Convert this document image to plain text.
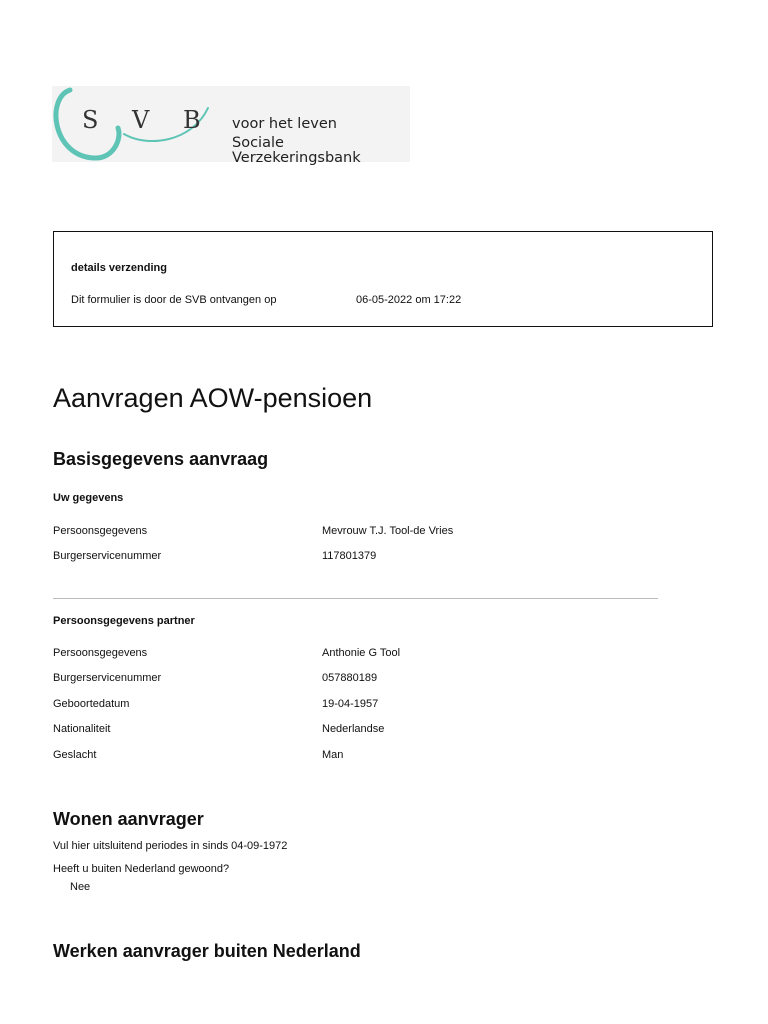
S V B voor het leven
Sociale Verzekeringsbank
details verzending
Dit formulier is door de SVB ontvangen op	06-05-2022 om 17:22
Aanvragen AOW-pensioen
Basisgegevens aanvraag
Uw gegevens
Persoonsgegevens	Mevrouw T.J. Tool-de Vries
Burgerservicenummer	117801379
Persoonsgegevens partner
Persoonsgegevens	Anthonie G Tool
Burgerservicenummer	057880189
Geboortedatum	19-04-1957
Nationaliteit	Nederlandse
Geslacht	Man
Wonen aanvrager
Vul hier uitsluitend periodes in sinds 04-09-1972
Heeft u buiten Nederland gewoond?
Nee
Werken aanvrager buiten Nederland
